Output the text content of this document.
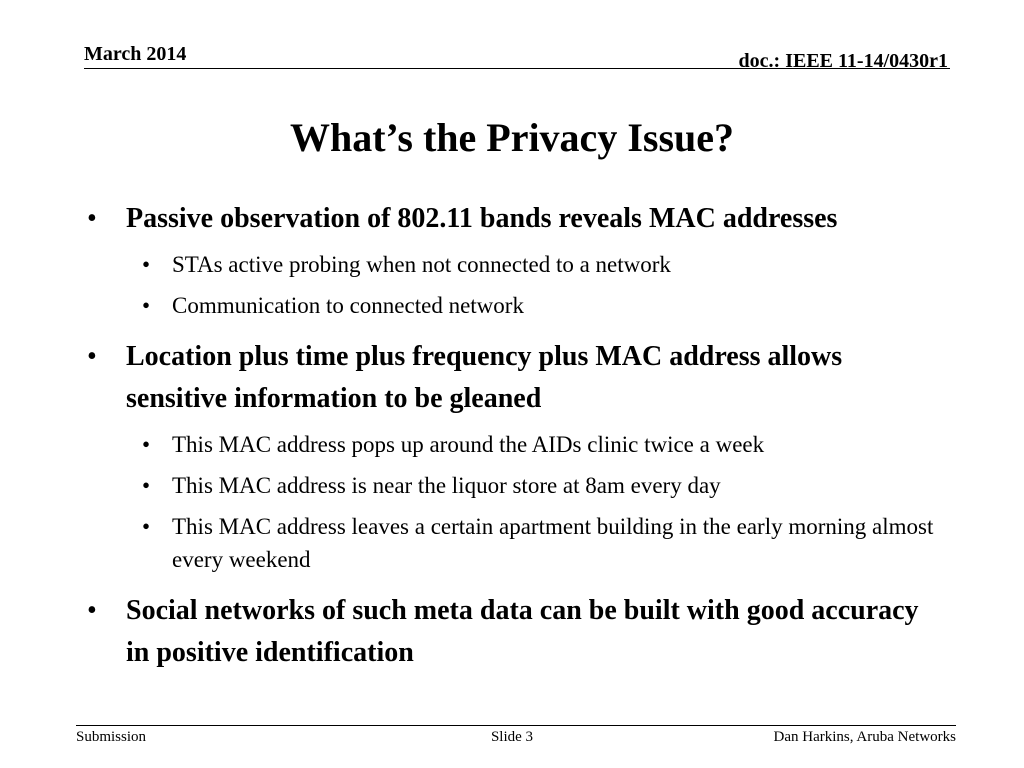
March 2014	doc.: IEEE 11-14/0430r1
What’s the Privacy Issue?
• Passive observation of 802.11 bands reveals MAC addresses
• STAs active probing when not connected to a network
• Communication to connected network
• Location plus time plus frequency plus MAC address allows sensitive information to be gleaned
• This MAC address pops up around the AIDs clinic twice a week
• This MAC address is near the liquor store at 8am every day
• This MAC address leaves a certain apartment building in the early morning almost every weekend
• Social networks of such meta data can be built with good accuracy in positive identification
Submission	Slide 3	Dan Harkins, Aruba Networks
